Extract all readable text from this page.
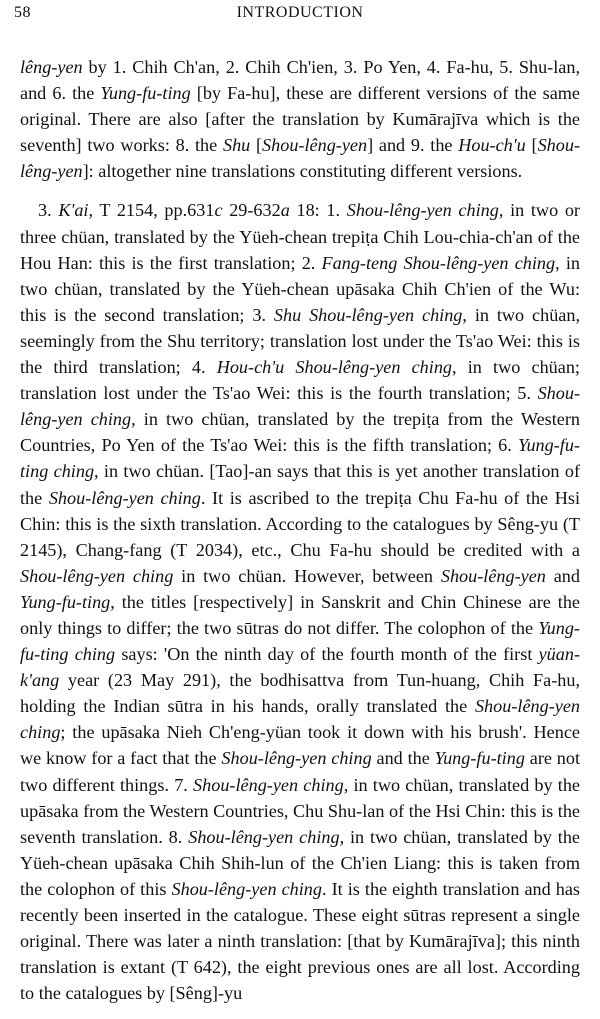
58	INTRODUCTION

lêng-yen by 1. Chih Ch'an, 2. Chih Ch'ien, 3. Po Yen, 4. Fa-hu, 5. Shu-lan, and 6. the Yung-fu-ting [by Fa-hu], these are different versions of the same original. There are also [after the translation by Kumārajīva which is the seventh] two works: 8. the Shu [Shou-lêng-yen] and 9. the Hou-ch'u [Shou-lêng-yen]: altogether nine translations constituting different versions.

3. K'ai, T 2154, pp.631c 29-632a 18: 1. Shou-lêng-yen ching, in two or three chüan, translated by the Yüeh-chean trepiṭa Chih Lou-chia-ch'an of the Hou Han: this is the first translation; 2. Fang-teng Shou-lêng-yen ching, in two chüan, translated by the Yüeh-chean upāsaka Chih Ch'ien of the Wu: this is the second translation; 3. Shu Shou-lêng-yen ching, in two chüan, seemingly from the Shu territory; translation lost under the Ts'ao Wei: this is the third translation; 4. Hou-ch'u Shou-lêng-yen ching, in two chüan; translation lost under the Ts'ao Wei: this is the fourth translation; 5. Shou-lêng-yen ching, in two chüan, translated by the trepiṭa from the Western Countries, Po Yen of the Ts'ao Wei: this is the fifth translation; 6. Yung-fu-ting ching, in two chüan. [Tao]-an says that this is yet another translation of the Shou-lêng-yen ching. It is ascribed to the trepiṭa Chu Fa-hu of the Hsi Chin: this is the sixth translation. According to the catalogues by Sêng-yu (T 2145), Chang-fang (T 2034), etc., Chu Fa-hu should be credited with a Shou-lêng-yen ching in two chüan. However, between Shou-lêng-yen and Yung-fu-ting, the titles [respectively] in Sanskrit and Chin Chinese are the only things to differ; the two sūtras do not differ. The colophon of the Yung-fu-ting ching says: 'On the ninth day of the fourth month of the first yüan-k'ang year (23 May 291), the bodhisattva from Tun-huang, Chih Fa-hu, holding the Indian sūtra in his hands, orally translated the Shou-lêng-yen ching; the upāsaka Nieh Ch'eng-yüan took it down with his brush'. Hence we know for a fact that the Shou-lêng-yen ching and the Yung-fu-ting are not two different things. 7. Shou-lêng-yen ching, in two chüan, translated by the upāsaka from the Western Countries, Chu Shu-lan of the Hsi Chin: this is the seventh translation. 8. Shou-lêng-yen ching, in two chüan, translated by the Yüeh-chean upāsaka Chih Shih-lun of the Ch'ien Liang: this is taken from the colophon of this Shou-lêng-yen ching. It is the eighth translation and has recently been inserted in the catalogue. These eight sūtras represent a single original. There was later a ninth translation: [that by Kumārajīva]; this ninth translation is extant (T 642), the eight previous ones are all lost. According to the catalogues by [Sêng]-yu
